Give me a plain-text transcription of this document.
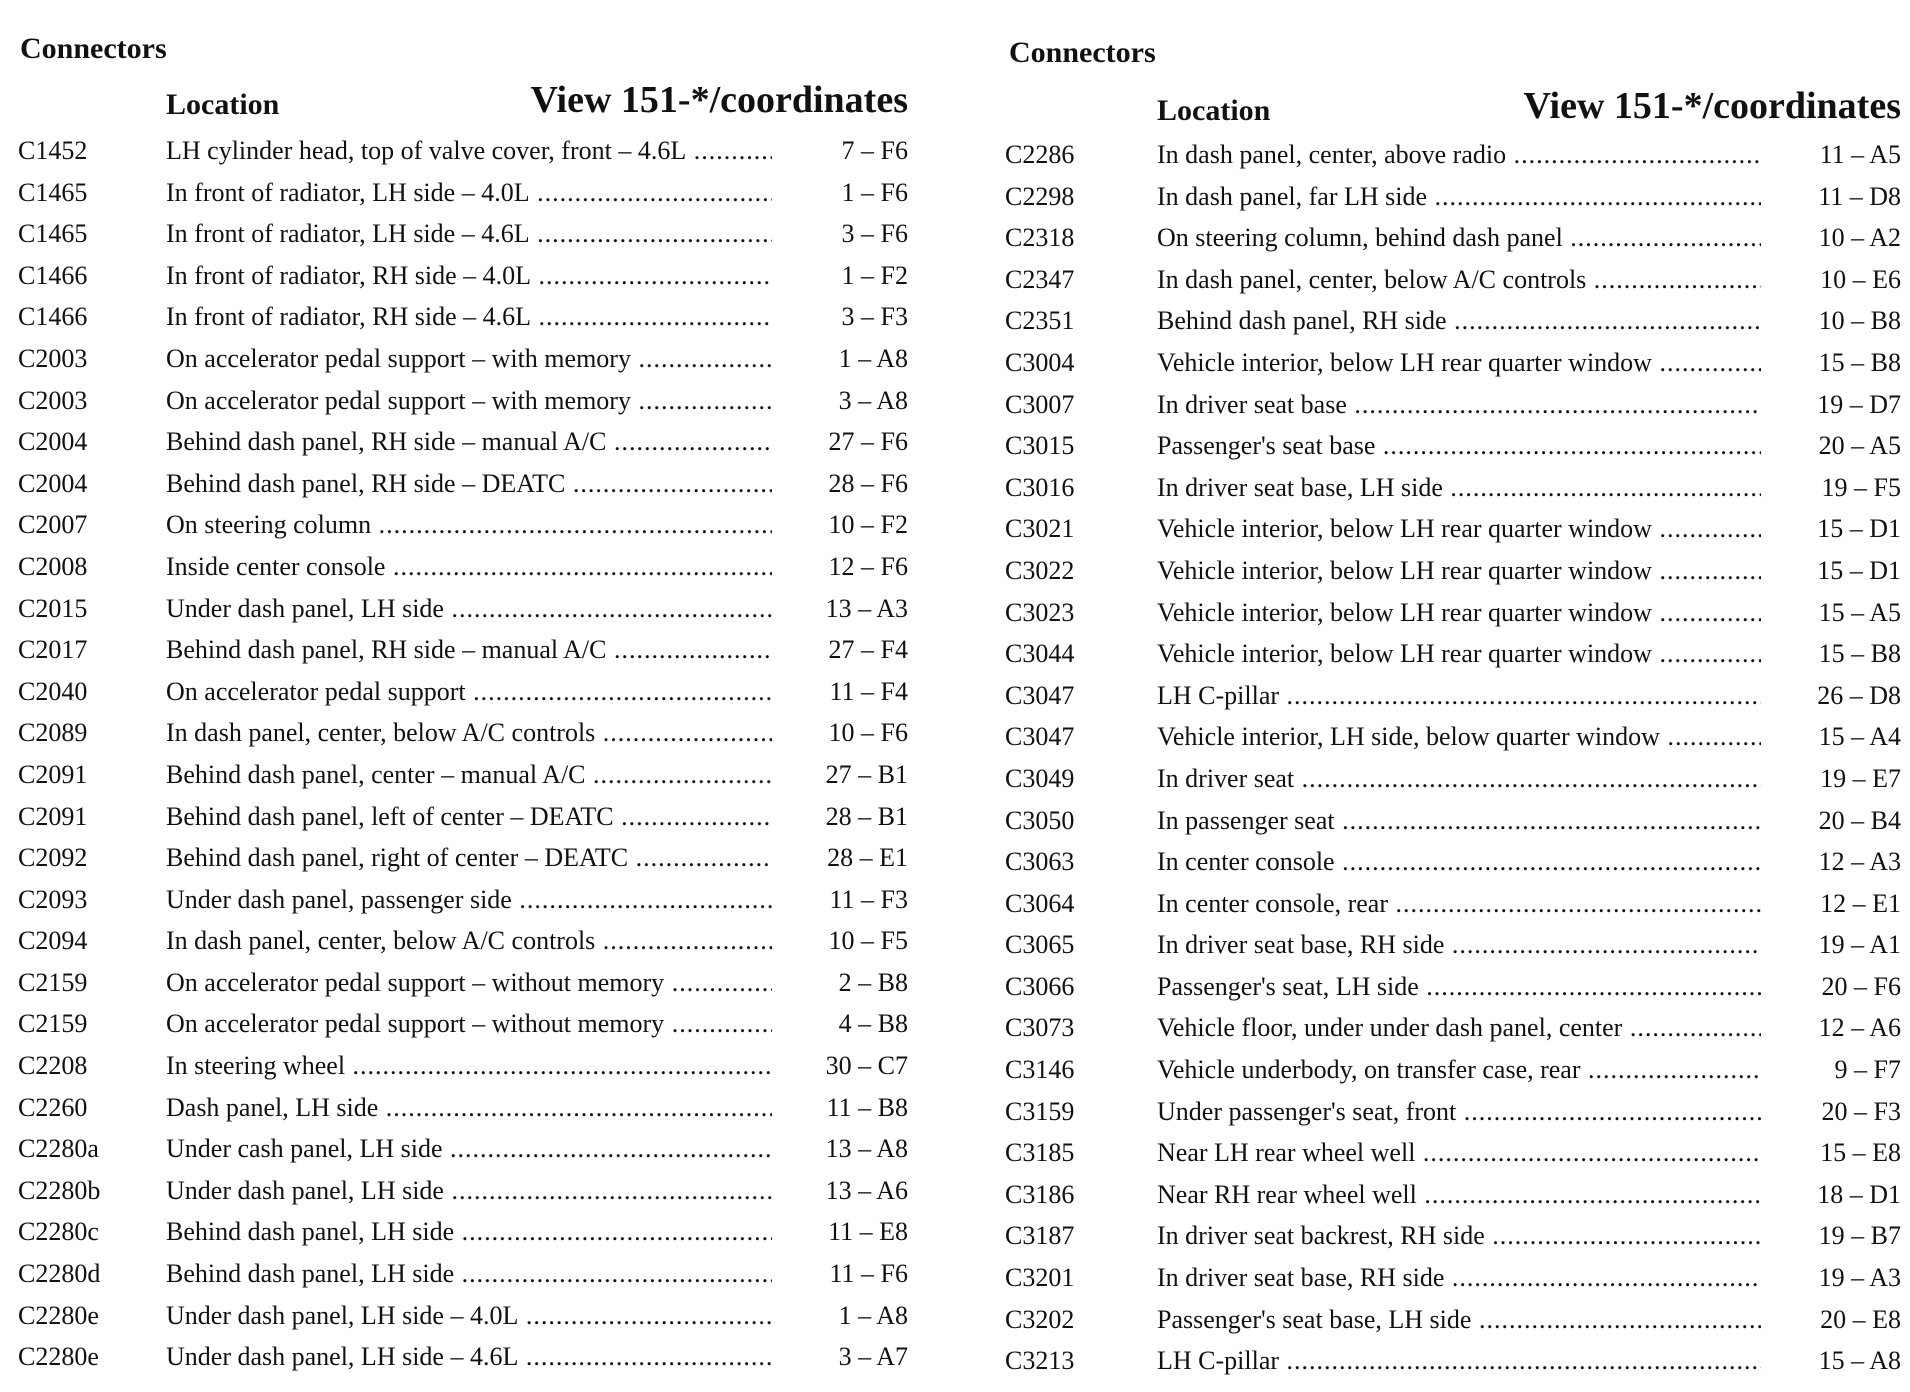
Connectors
Location	View 151-*/coordinates
C1452	LH cylinder head, top of valve cover, front – 4.6L .....	7 – F6
C1465	In front of radiator, LH side – 4.0L .....	1 – F6
C1465	In front of radiator, LH side – 4.6L .....	3 – F6
C1466	In front of radiator, RH side – 4.0L .....	1 – F2
C1466	In front of radiator, RH side – 4.6L .....	3 – F3
C2003	On accelerator pedal support – with memory .....	1 – A8
C2003	On accelerator pedal support – with memory .....	3 – A8
C2004	Behind dash panel, RH side – manual A/C .....	27 – F6
C2004	Behind dash panel, RH side – DEATC .....	28 – F6
C2007	On steering column .....	10 – F2
C2008	Inside center console .....	12 – F6
C2015	Under dash panel, LH side .....	13 – A3
C2017	Behind dash panel, RH side – manual A/C .....	27 – F4
C2040	On accelerator pedal support .....	11 – F4
C2089	In dash panel, center, below A/C controls .....	10 – F6
C2091	Behind dash panel, center – manual A/C .....	27 – B1
C2091	Behind dash panel, left of center – DEATC .....	28 – B1
C2092	Behind dash panel, right of center – DEATC .....	28 – E1
C2093	Under dash panel, passenger side .....	11 – F3
C2094	In dash panel, center, below A/C controls .....	10 – F5
C2159	On accelerator pedal support – without memory .....	2 – B8
C2159	On accelerator pedal support – without memory .....	4 – B8
C2208	In steering wheel .....	30 – C7
C2260	Dash panel, LH side .....	11 – B8
C2280a	Under cash panel, LH side .....	13 – A8
C2280b	Under dash panel, LH side .....	13 – A6
C2280c	Behind dash panel, LH side .....	11 – E8
C2280d	Behind dash panel, LH side .....	11 – F6
C2280e	Under dash panel, LH side – 4.0L .....	1 – A8
C2280e	Under dash panel, LH side – 4.6L .....	3 – A7
Connectors
Location	View 151-*/coordinates
C2286	In dash panel, center, above radio .....	11 – A5
C2298	In dash panel, far LH side .....	11 – D8
C2318	On steering column, behind dash panel .....	10 – A2
C2347	In dash panel, center, below A/C controls .....	10 – E6
C2351	Behind dash panel, RH side .....	10 – B8
C3004	Vehicle interior, below LH rear quarter window .....	15 – B8
C3007	In driver seat base .....	19 – D7
C3015	Passenger's seat base .....	20 – A5
C3016	In driver seat base, LH side .....	19 – F5
C3021	Vehicle interior, below LH rear quarter window .....	15 – D1
C3022	Vehicle interior, below LH rear quarter window .....	15 – D1
C3023	Vehicle interior, below LH rear quarter window .....	15 – A5
C3044	Vehicle interior, below LH rear quarter window .....	15 – B8
C3047	LH C-pillar .....	26 – D8
C3047	Vehicle interior, LH side, below quarter window .....	15 – A4
C3049	In driver seat .....	19 – E7
C3050	In passenger seat .....	20 – B4
C3063	In center console .....	12 – A3
C3064	In center console, rear .....	12 – E1
C3065	In driver seat base, RH side .....	19 – A1
C3066	Passenger's seat, LH side .....	20 – F6
C3073	Vehicle floor, under under dash panel, center .....	12 – A6
C3146	Vehicle underbody, on transfer case, rear .....	9 – F7
C3159	Under passenger's seat, front .....	20 – F3
C3185	Near LH rear wheel well .....	15 – E8
C3186	Near RH rear wheel well .....	18 – D1
C3187	In driver seat backrest, RH side .....	19 – B7
C3201	In driver seat base, RH side .....	19 – A3
C3202	Passenger's seat base, LH side .....	20 – E8
C3213	LH C-pillar .....	15 – A8
